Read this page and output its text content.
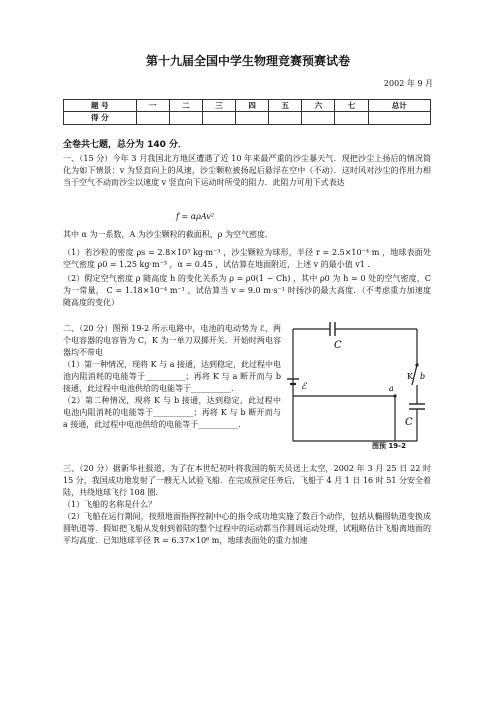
第十九届全国中学生物理竞赛预赛试卷
2002 年 9 月
题 号	一	二	三	四	五	六	七	总计
得 分								
全卷共七题，总分为 140 分．
一、（15 分）今年 3 月我国北方地区遭遇了近 10 年来最严重的沙尘暴天气．现把沙尘上扬后的情况简化为如下情景：v 为竖直向上的风速，沙尘颗粒被扬起后悬浮在空中（不动）．这时风对沙尘的作用力相当于空气不动而沙尘以速度 v 竖直向下运动时所受的阻力．此阻力可用下式表达
f = αρAv²
其中 α 为一系数，A 为沙尘颗粒的截面积，ρ 为空气密度．
（1）若沙粒的密度 ρs = 2.8×10³ kg·m⁻³ ，沙尘颗粒为球形，半径 r = 2.5×10⁻⁴ m ，地球表面处空气密度 ρ0 = 1.25 kg·m⁻³ ，α = 0.45 ，试估算在地面附近，上述 v 的最小值 v1 ．
二、（20 分）图预 19-2 所示电路中，电池的电动势为 ℰ，两个电容器的电容皆为 C，K 为一单刀双掷开关．开始时两电容器均不带电
（1）第一种情况，现将 K 与 a 接通，达到稳定，此过程中电池内阻消耗的电能等于__________；再将 K 与 a 断开而与 b 接通，此过程中电池供给的电能等于__________．
（2）第二种情况，现将 K 与 b 接通，达到稳定，此过程中电池内阻消耗的电能等于__________；再将 K 与 b 断开而与 a 接通，此过程中电池供给的电能等于__________．
C
ℰ	a
K b
C
图预 19-2
三、（20 分）据新华社报道，为了在本世纪初叶将我国的航天员送上太空，2002 年 3 月 25 日 22 时 15 分，我国成功地发射了一艘无人试验飞船．在完成预定任务后，飞船于 4 月 1 日 16 时 51 分安全着陆，共绕地球飞行 108 圈．
（1）飞船的名称是什么？
（2）飞船在运行期间，按照地面指挥控制中心的指令成功地实施了数百个动作，包括从椭圆轨道变换成圆轨道等．假如把飞船从发射到着陆的整个过程中的运动都当作圆周运动处理，试粗略估计飞船离地面的平均高度．已知地球半径 R = 6.37×10⁶ m，地球表面处的重力加速
（2）假定空气密度 ρ 随高度 h 的变化关系为 ρ = ρ0(1 − Ch) ，其中 ρ0 为 h = 0 处的空气密度，C 为一常量， C = 1.18×10⁻⁴ m⁻¹ ，试估算当 v = 9.0 m·s⁻¹ 时扬沙的最大高度．（不考虑重力加速度随高度的变化）
